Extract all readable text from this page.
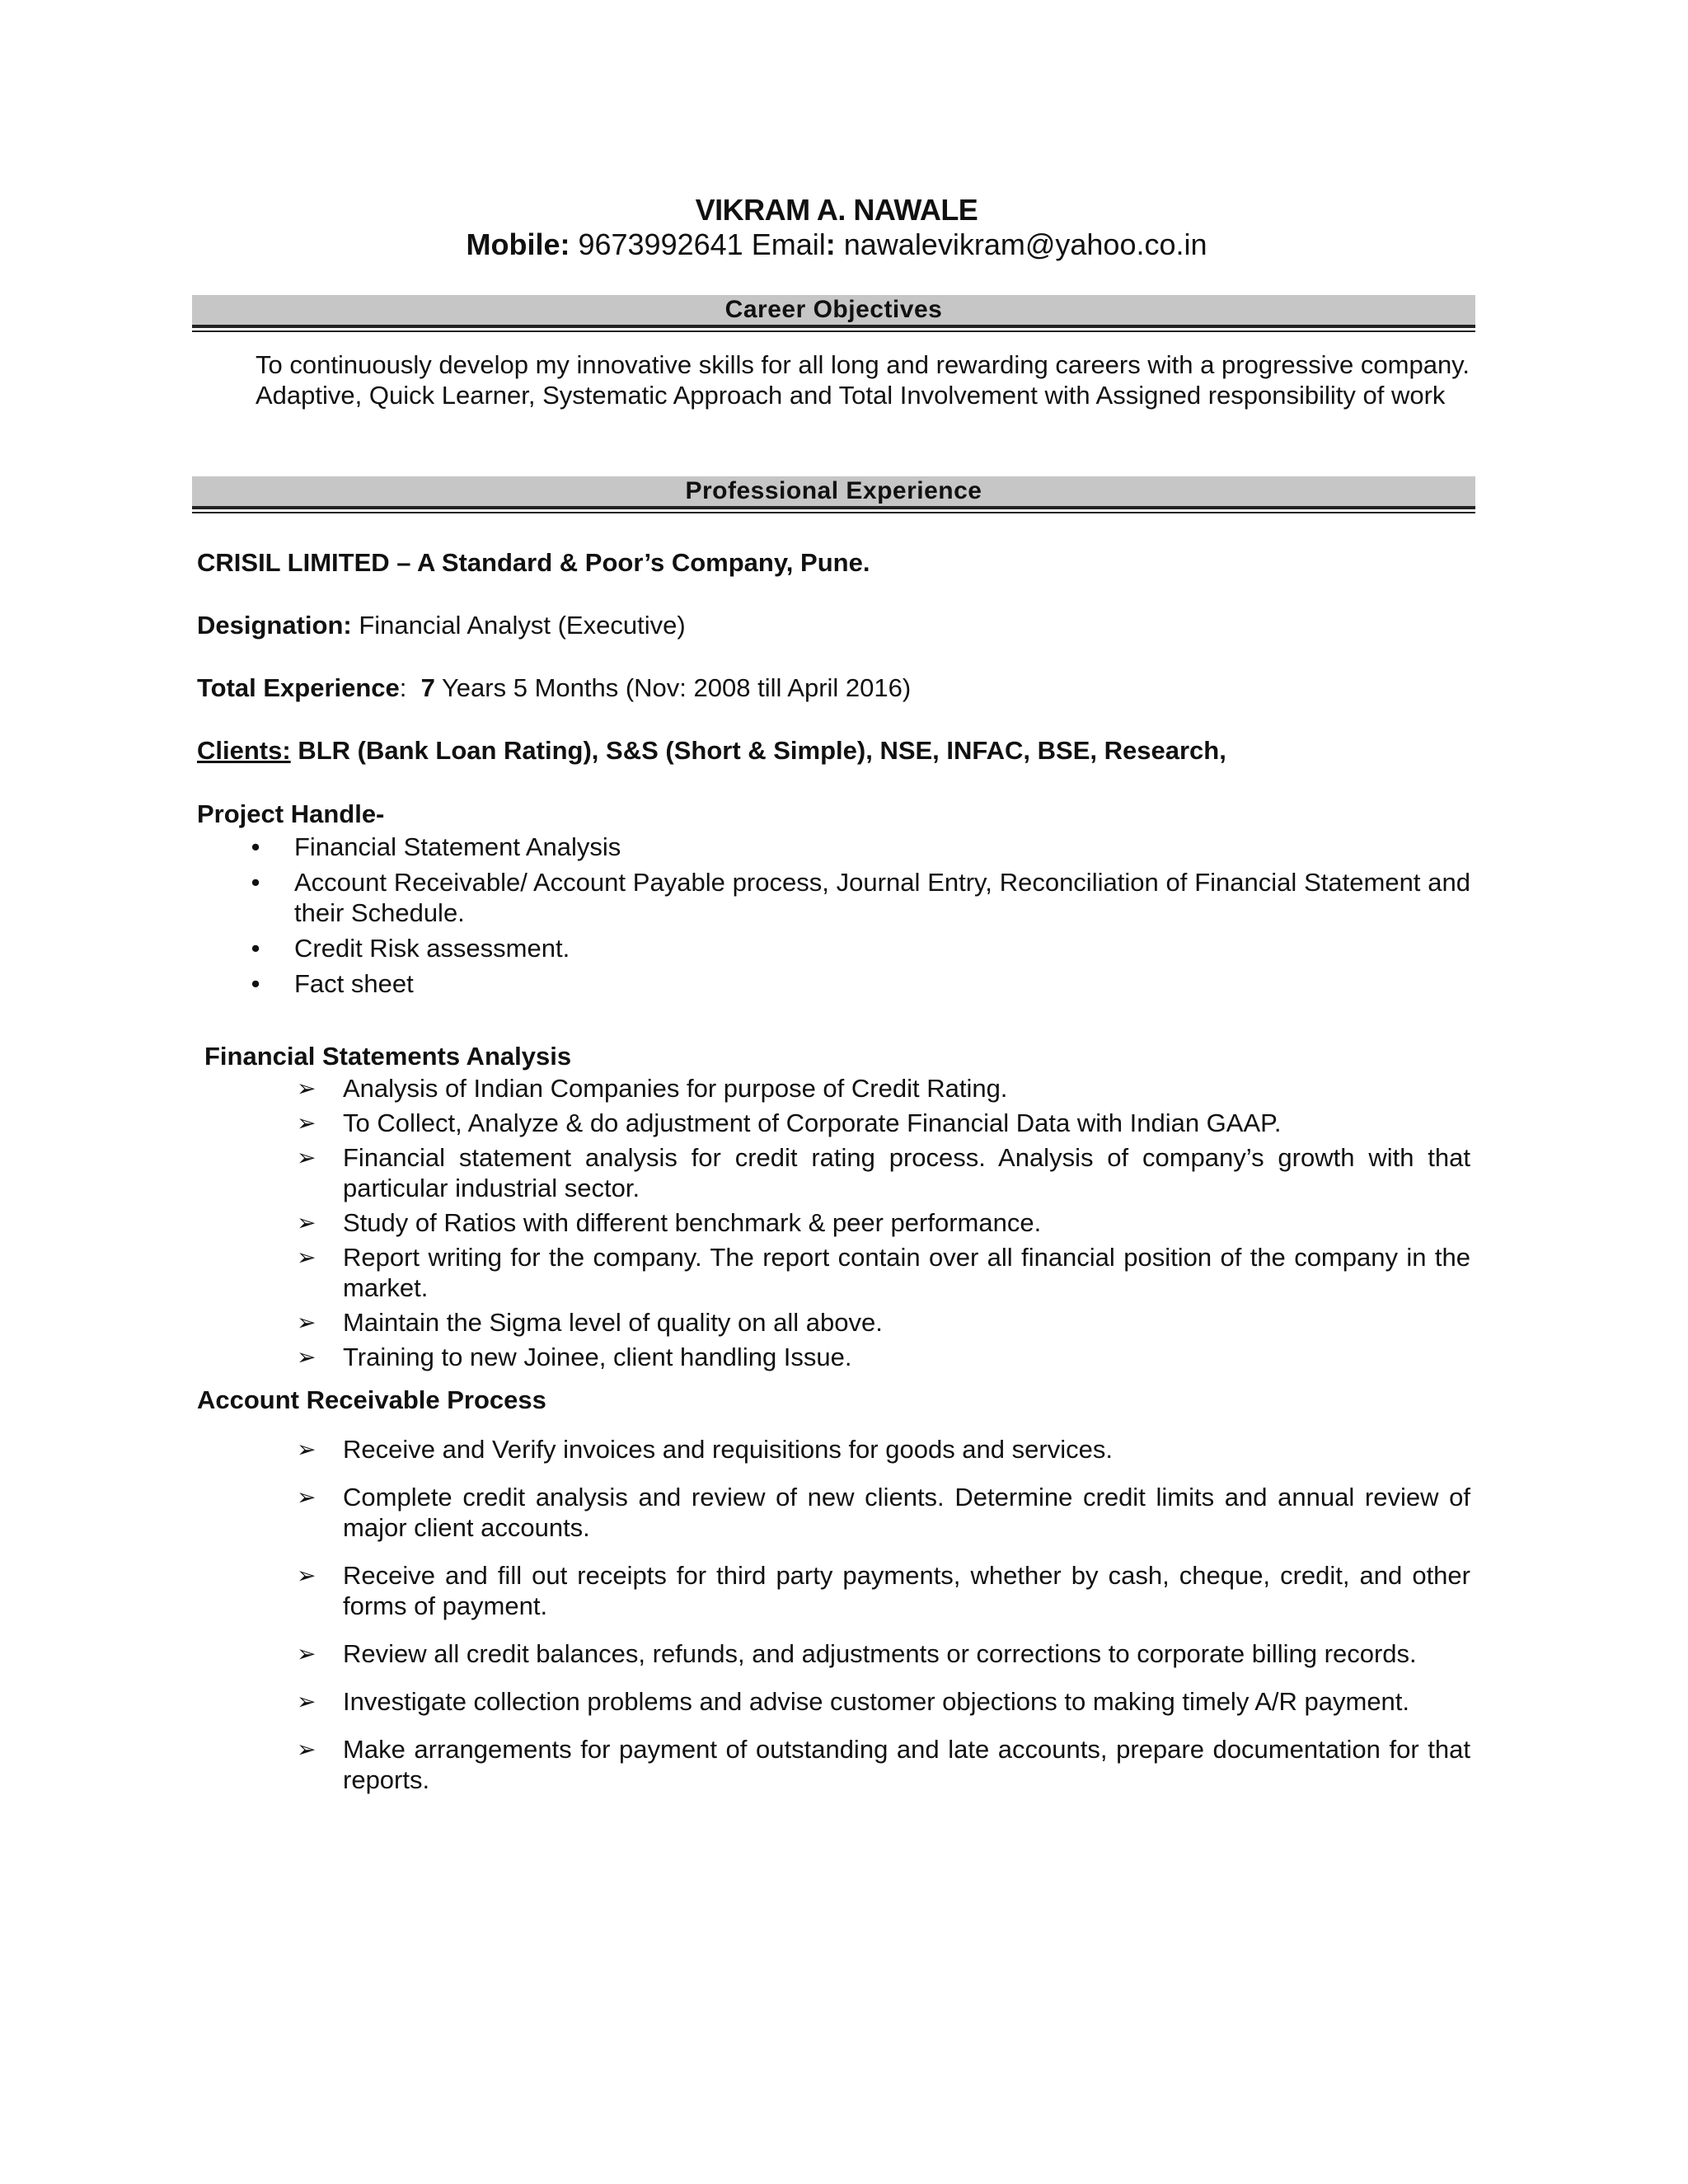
VIKRAM A. NAWALE
Mobile: 9673992641 Email: nawalevikram@yahoo.co.in
Career Objectives
To continuously develop my innovative skills for all long and rewarding careers with a progressive company. Adaptive, Quick Learner, Systematic Approach and Total Involvement with Assigned responsibility of work
Professional Experience
CRISIL LIMITED – A Standard & Poor’s Company, Pune.
Designation: Financial Analyst (Executive)
Total Experience: 7 Years 5 Months (Nov: 2008 till April 2016)
Clients: BLR (Bank Loan Rating), S&S (Short & Simple), NSE, INFAC, BSE, Research,
Project Handle-
• Financial Statement Analysis
• Account Receivable/ Account Payable process, Journal Entry, Reconciliation of Financial Statement and their Schedule.
• Credit Risk assessment.
• Fact sheet
Financial Statements Analysis
➢ Analysis of Indian Companies for purpose of Credit Rating.
➢ To Collect, Analyze & do adjustment of Corporate Financial Data with Indian GAAP.
➢ Financial statement analysis for credit rating process. Analysis of company’s growth with that particular industrial sector.
➢ Study of Ratios with different benchmark & peer performance.
➢ Report writing for the company. The report contain over all financial position of the company in the market.
➢ Maintain the Sigma level of quality on all above.
➢ Training to new Joinee, client handling Issue.
Account Receivable Process
➢ Receive and Verify invoices and requisitions for goods and services.
➢ Complete credit analysis and review of new clients. Determine credit limits and annual review of major client accounts.
➢ Receive and fill out receipts for third party payments, whether by cash, cheque, credit, and other forms of payment.
➢ Review all credit balances, refunds, and adjustments or corrections to corporate billing records.
➢ Investigate collection problems and advise customer objections to making timely A/R payment.
➢ Make arrangements for payment of outstanding and late accounts, prepare documentation for that reports.
